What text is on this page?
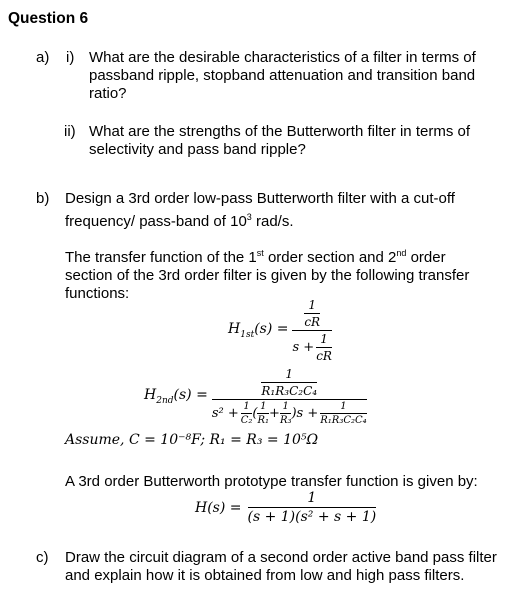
Question 6
a) i) What are the desirable characteristics of a filter in terms of
passband ripple, stopband attenuation and transition band
ratio?
ii) What are the strengths of the Butterworth filter in terms of
selectivity and pass band ripple?
b) Design a 3rd order low-pass Butterworth filter with a cut-off
frequency/ pass-band of $10^3$ rad/s.
The transfer function of the 1st order section and 2nd order
section of the 3rd order filter is given by the following transfer
functions:
$H_{1st}(s) = \frac{\frac{1}{cR}}{s + \frac{1}{cR}}$
$H_{2nd}(s)$ =	$\frac{1}{\text{R₁R₃C₂C₄}}$
$s^2 + \frac{1}{\text{C₂}}$ ( $\frac{1}{\text{R₁}} + \frac{1}{\text{R₃}} )s + \frac{1}{\text{R₁R₃C₂C₄}}$
Assume, C = 10⁻⁸F; R₁ = R₃ = 10⁵Ω
A 3rd order Butterworth prototype transfer function is given by:
$H(s) = \frac{1}{\text{(s + 1)(s² + s + 1)}}$
c) Draw the circuit diagram of a second order active band pass filter
and explain how it is obtained from low and high pass filters.
